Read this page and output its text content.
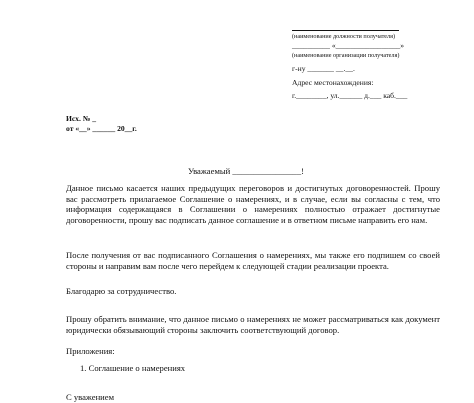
(наименование должности получателя)
__________ «_________________»
(наименование организации получателя)
г-ну _______ __.__.
Адрес местонахождения:
г.________, ул.______ д.___ каб.___
Исх. № _
от «__» ______ 20__г.
Уважаемый ________________!
Данное письмо касается наших предыдущих переговоров и достигнутых договоренностей. Прошу вас рассмотреть прилагаемое Соглашение о намерениях, и в случае, если вы согласны с тем, что информация содержащаяся в Соглашении о намерениях полностью отражает достигнутые договоренности, прошу вас подписать данное соглашение и в ответном письме направить его нам.
После получения от вас подписанного Соглашения о намерениях, мы также его подпишем со своей стороны и направим вам после чего перейдем к следующей стадии реализации проекта.
Благодарю за сотрудничество.
Прошу обратить внимание, что данное письмо о намерениях не может рассматриваться как документ юридически обязывающий стороны заключить соответствующий договор.
Приложения:
1. Соглашение о намерениях
С уважением
